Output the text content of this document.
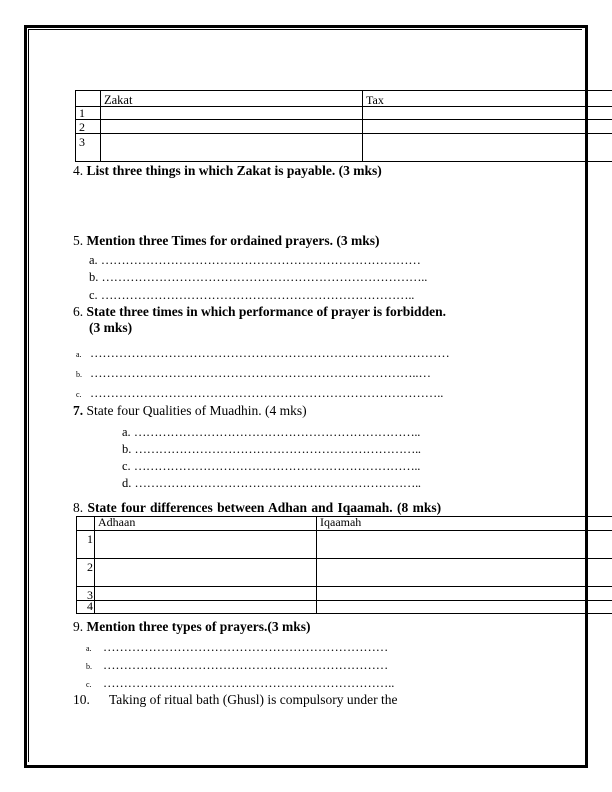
	Zakat	Tax
1		
2		
3		
4. List three things in which Zakat is payable. (3 mks)
5. Mention three Times for ordained prayers. (3 mks)
a. ……………………………………………………………………
b. ……………………………………………………………………..
c. …………………………………………………………………..
6. State three times in which performance of prayer is forbidden.
(3 mks)
a. ……………………………………………………………………………
b. ……………………………………………………………………..…
c. …………………………………………………………………………..
7. State four Qualities of Muadhin. (4 mks)
a. ……………………………………………………………..
b. ……………………………………………………………..
c. ……………………………………………………………..
d. ……………………………………………………………..
8. State four differences between Adhan and Iqaamah. (8 mks)
	Adhaan	Iqaamah
1		
2		
3		
4		
9. Mention three types of prayers.(3 mks)
a. ……………………………………………………………
b. ……………………………………………………………
c. ……………………………………………………………..
10. Taking of ritual bath (Ghusl) is compulsory under the
